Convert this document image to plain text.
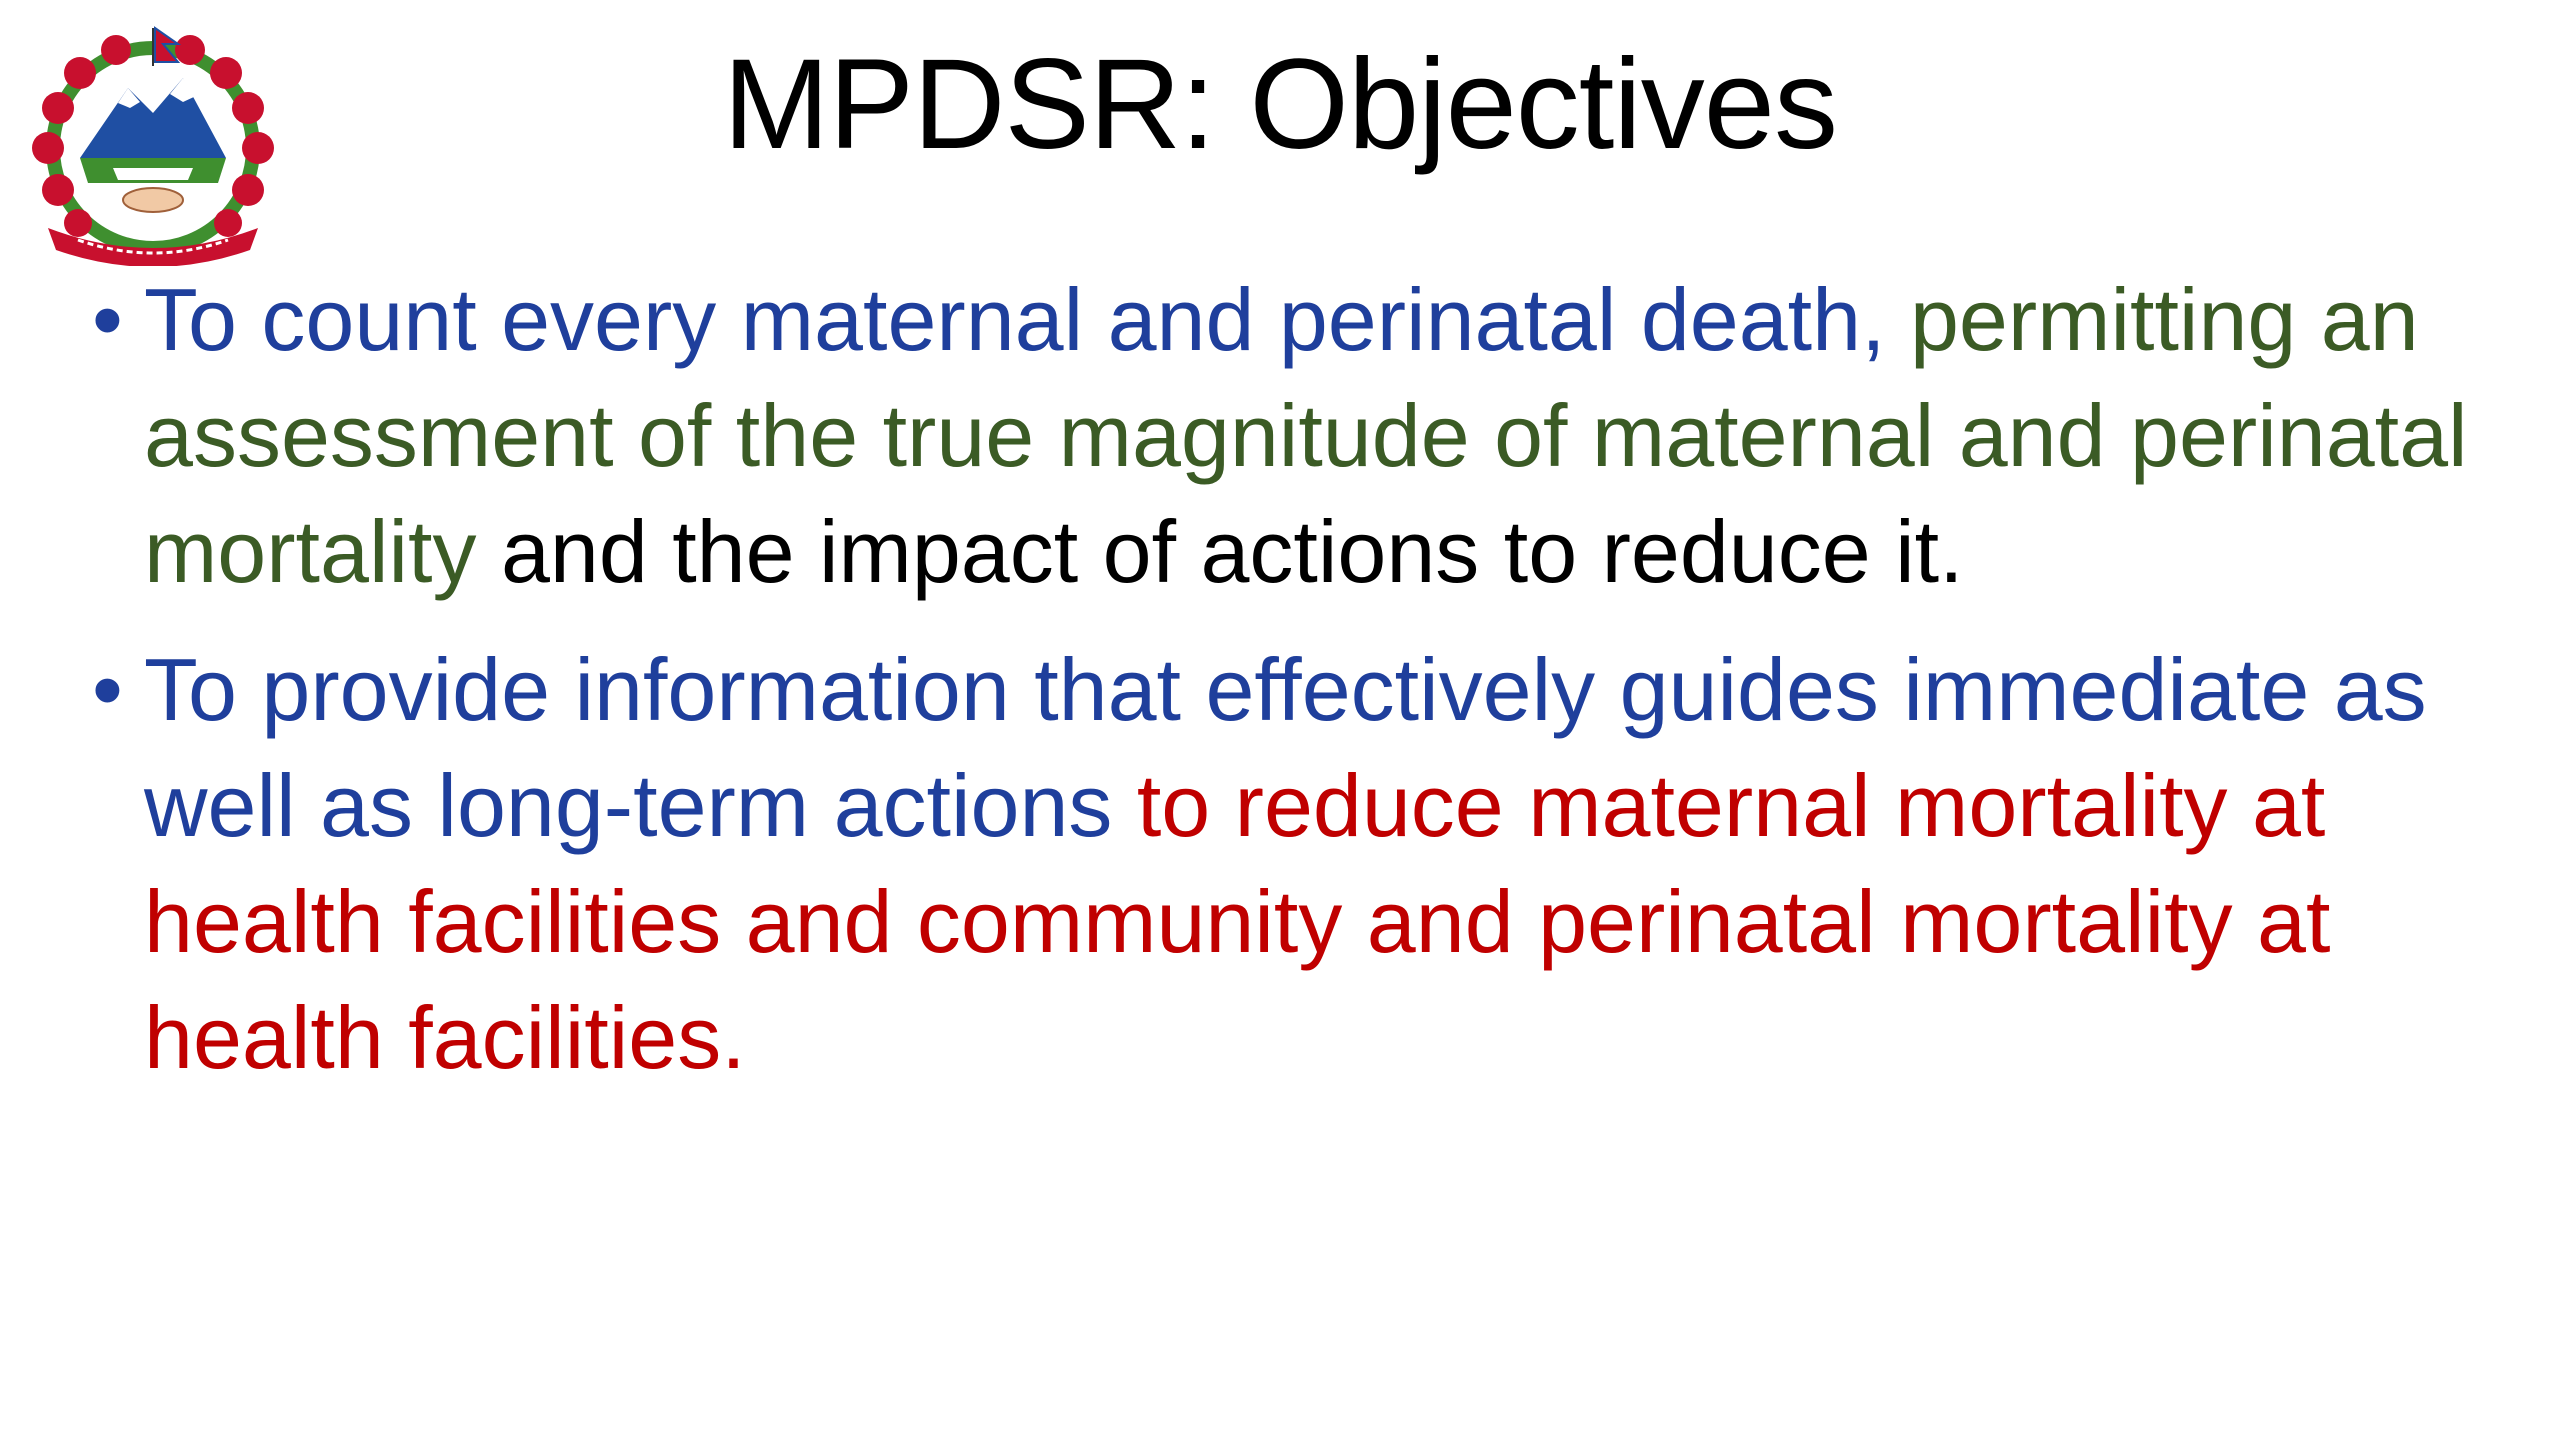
MPDSR: Objectives
• To count every maternal and perinatal death, permitting an assessment of the true magnitude of maternal and perinatal mortality and the impact of actions to reduce it.
• To provide information that effectively guides immediate as well as long-term actions to reduce maternal mortality at health facilities and community and perinatal mortality at health facilities.
